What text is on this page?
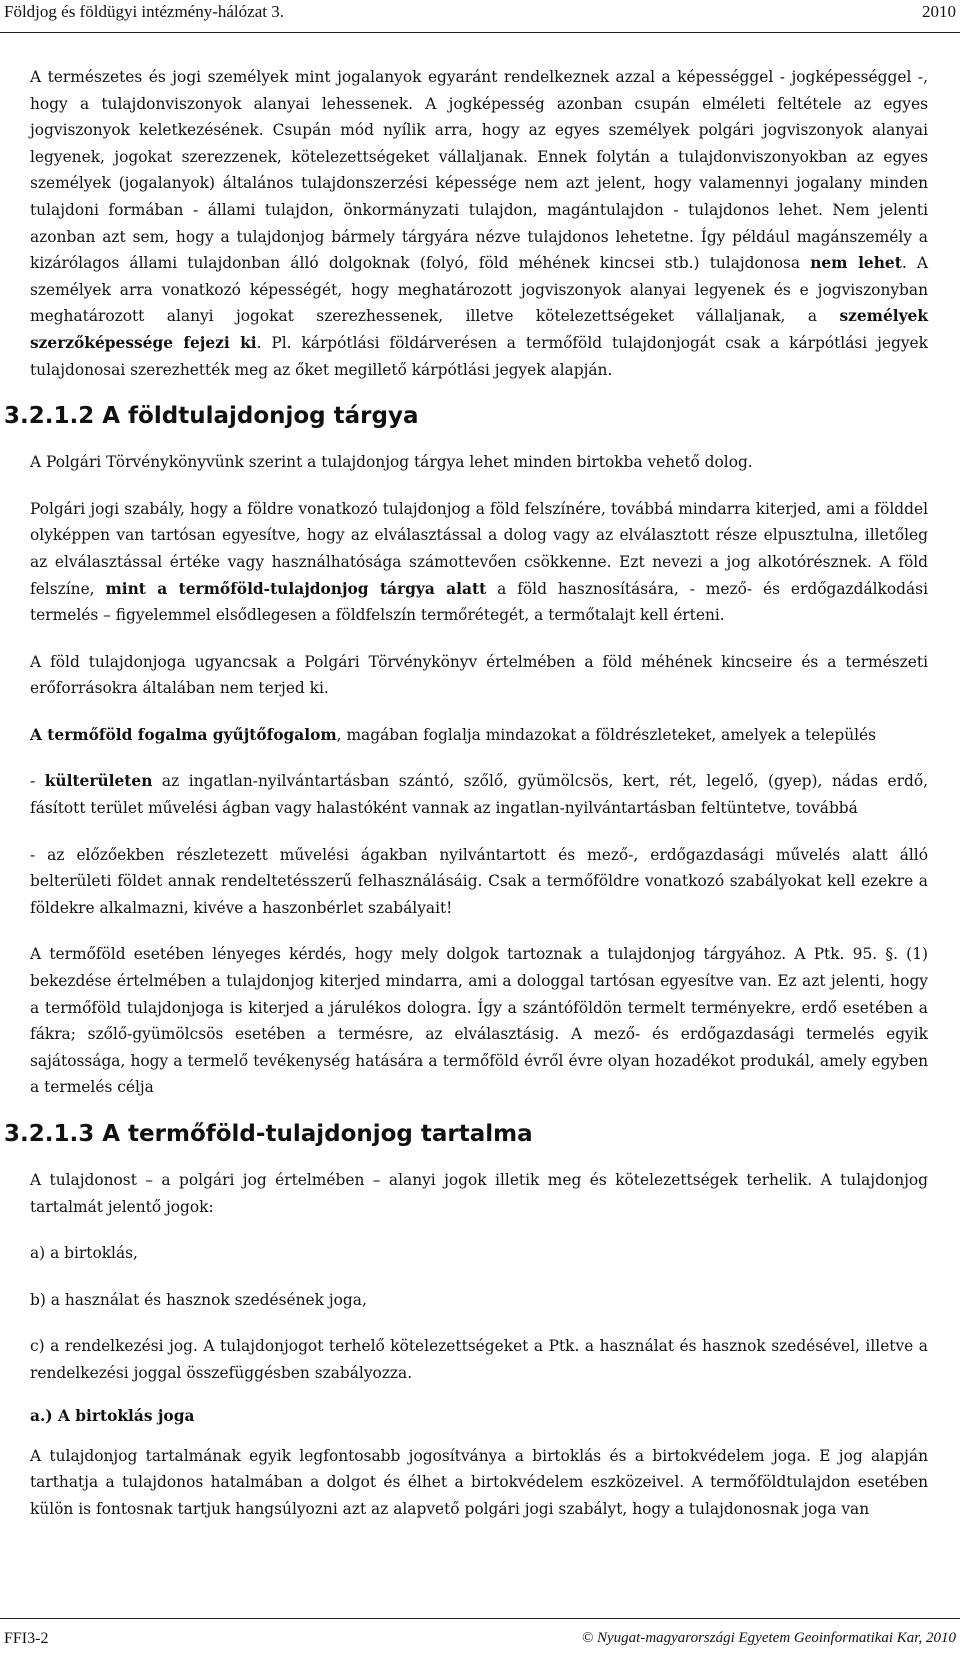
Földjog és földügyi intézmény-hálózat 3.	2010

A természetes és jogi személyek mint jogalanyok egyaránt rendelkeznek azzal a képességgel - jogképességgel -, hogy a tulajdonviszonyok alanyai lehessenek. A jogképesség azonban csupán elméleti feltétele az egyes jogviszonyok keletkezésének. Csupán mód nyílik arra, hogy az egyes személyek polgári jogviszonyok alanyai legyenek, jogokat szerezzenek, kötelezettségeket vállaljanak. Ennek folytán a tulajdonviszonyokban az egyes személyek (jogalanyok) általános tulajdonszerzési képessége nem azt jelent, hogy valamennyi jogalany minden tulajdoni formában - állami tulajdon, önkormányzati tulajdon, magántulajdon - tulajdonos lehet. Nem jelenti azonban azt sem, hogy a tulajdonjog bármely tárgyára nézve tulajdonos lehetetne. Így például magánszemély a kizárólagos állami tulajdonban álló dolgoknak (folyó, föld méhének kincsei stb.) tulajdonosa nem lehet. A személyek arra vonatkozó képességét, hogy meghatározott jogviszonyok alanyai legyenek és e jogviszonyban meghatározott alanyi jogokat szerezhessenek, illetve kötelezettségeket vállaljanak, a személyek szerzőképessége fejezi ki. Pl. kárpótlási földárverésen a termőföld tulajdonjogát csak a kárpótlási jegyek tulajdonosai szerezhették meg az őket megillető kárpótlási jegyek alapján.

3.2.1.2 A földtulajdonjog tárgya

A Polgári Törvénykönyvünk szerint a tulajdonjog tárgya lehet minden birtokba vehető dolog.

Polgári jogi szabály, hogy a földre vonatkozó tulajdonjog a föld felszínére, továbbá mindarra kiterjed, ami a földdel olyképpen van tartósan egyesítve, hogy az elválasztással a dolog vagy az elválasztott része elpusztulna, illetőleg az elválasztással értéke vagy használhatósága számottevően csökkenne. Ezt nevezi a jog alkotórésznek. A föld felszíne, mint a termőföld-tulajdonjog tárgya alatt a föld hasznosítására, - mező- és erdőgazdálkodási termelés – figyelemmel elsődlegesen a földfelszín termőrétegét, a termőtalajt kell érteni.

A föld tulajdonjoga ugyancsak a Polgári Törvénykönyv értelmében a föld méhének kincseire és a természeti erőforrásokra általában nem terjed ki.

A termőföld fogalma gyűjtőfogalom, magában foglalja mindazokat a földrészleteket, amelyek a település

- külterületen az ingatlan-nyilvántartásban szántó, szőlő, gyümölcsös, kert, rét, legelő, (gyep), nádas erdő, fásított terület művelési ágban vagy halastóként vannak az ingatlan-nyilvántartásban feltüntetve, továbbá

- az előzőekben részletezett művelési ágakban nyilvántartott és mező-, erdőgazdasági művelés alatt álló belterületi földet annak rendeltetésszerű felhasználásáig. Csak a termőföldre vonatkozó szabályokat kell ezekre a földekre alkalmazni, kivéve a haszonbérlet szabályait!

A termőföld esetében lényeges kérdés, hogy mely dolgok tartoznak a tulajdonjog tárgyához. A Ptk. 95. §. (1) bekezdése értelmében a tulajdonjog kiterjed mindarra, ami a dologgal tartósan egyesítve van. Ez azt jelenti, hogy a termőföld tulajdonjoga is kiterjed a járulékos dologra. Így a szántóföldön termelt terményekre, erdő esetében a fákra; szőlő-gyümölcsös esetében a termésre, az elválasztásig. A mező- és erdőgazdasági termelés egyik sajátossága, hogy a termelő tevékenység hatására a termőföld évről évre olyan hozadékot produkál, amely egyben a termelés célja

3.2.1.3 A termőföld-tulajdonjog tartalma

A tulajdonost – a polgári jog értelmében – alanyi jogok illetik meg és kötelezettségek terhelik. A tulajdonjog tartalmát jelentő jogok:

a) a birtoklás,

b) a használat és hasznok szedésének joga,

c) a rendelkezési jog. A tulajdonjogot terhelő kötelezettségeket a Ptk. a használat és hasznok szedésével, illetve a rendelkezési joggal összefüggésben szabályozza.

a.) A birtoklás joga

A tulajdonjog tartalmának egyik legfontosabb jogosítványa a birtoklás és a birtokvédelem joga. E jog alapján tarthatja a tulajdonos hatalmában a dolgot és élhet a birtokvédelem eszközeivel. A termőföldtulajdon esetében külön is fontosnak tartjuk hangsúlyozni azt az alapvető polgári jogi szabályt, hogy a tulajdonosnak joga van

FFI3-2	© Nyugat-magyarországi Egyetem Geoinformatikai Kar, 2010
